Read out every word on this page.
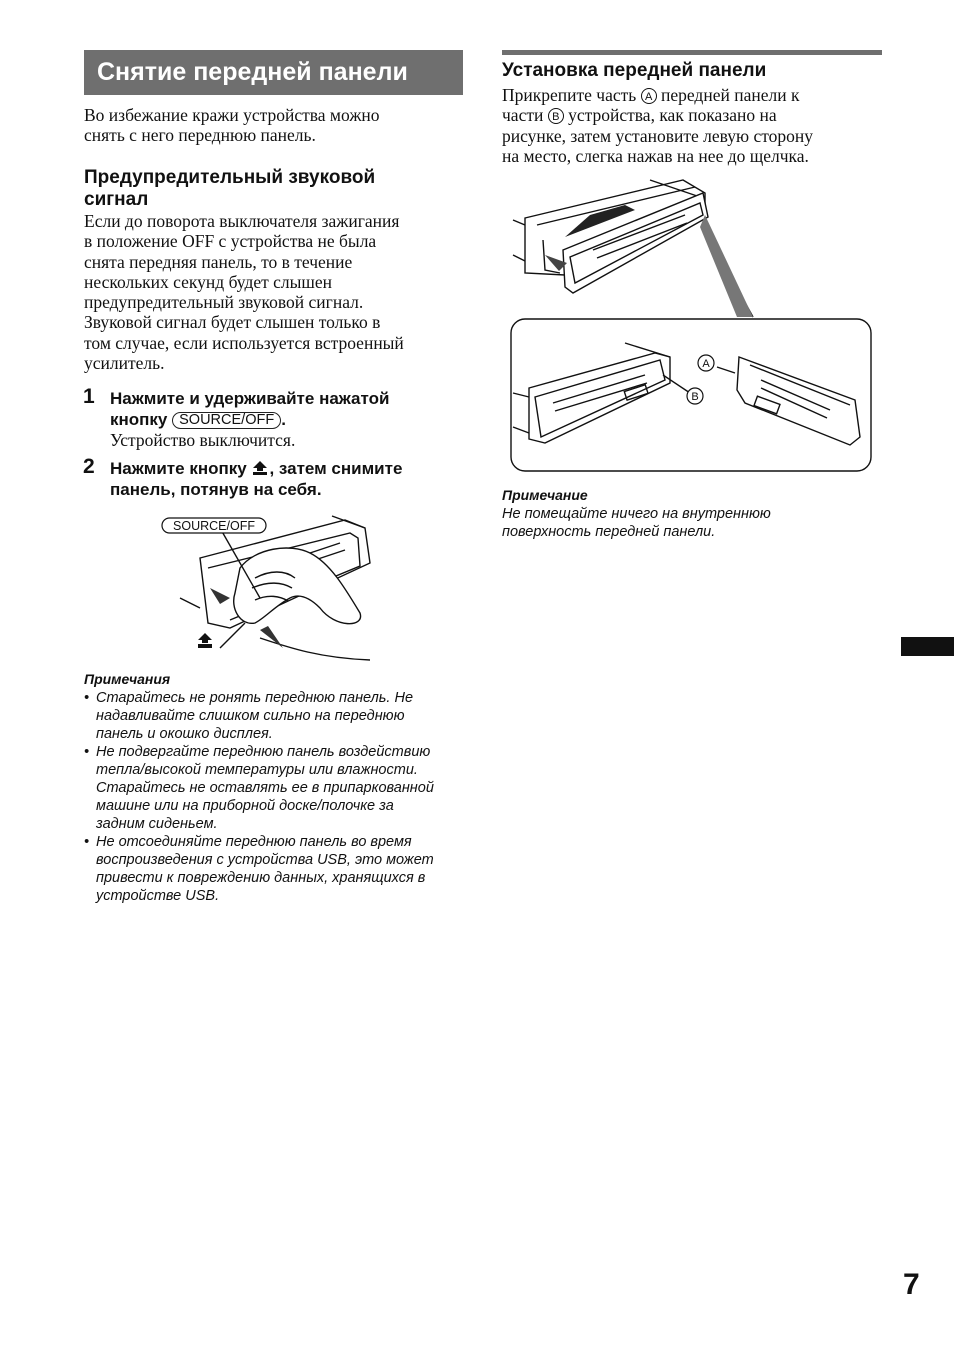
Снятие передней панели
Во избежание кражи устройства можно
снять с него переднюю панель.
Предупредительный звуковой
сигнал
Если до поворота выключателя зажигания
в положение OFF с устройства не была
снята передняя панель, то в течение
нескольких секунд будет слышен
предупредительный звуковой сигнал.
Звуковой сигнал будет слышен только в
том случае, если используется встроенный
усилитель.
1 Нажмите и удерживайте нажатой
кнопку SOURCE/OFF .
Устройство выключится.
2 Нажмите кнопку , затем снимите
панель, потянув на себя.
SOURCE/OFF
Примечания
• Старайтесь не ронять переднюю панель. Не
надавливайте слишком сильно на переднюю
панель и окошко дисплея.
• Не подвергайте переднюю панель воздействию
тепла/высокой температуры или влажности.
Старайтесь не оставлять ее в припаркованной
машине или на приборной доске/полочке за
задним сиденьем.
• Не отсоединяйте переднюю панель во время
воспроизведения с устройства USB, это может
привести к повреждению данных, хранящихся в
устройстве USB.
Установка передней панели
Прикрепите часть A передней панели к
части B устройства, как показано на
рисунке, затем установите левую сторону
на место, слегка нажав на нее до щелчка.
A
B
Примечание
Не помещайте ничего на внутреннюю
поверхность передней панели.
7
